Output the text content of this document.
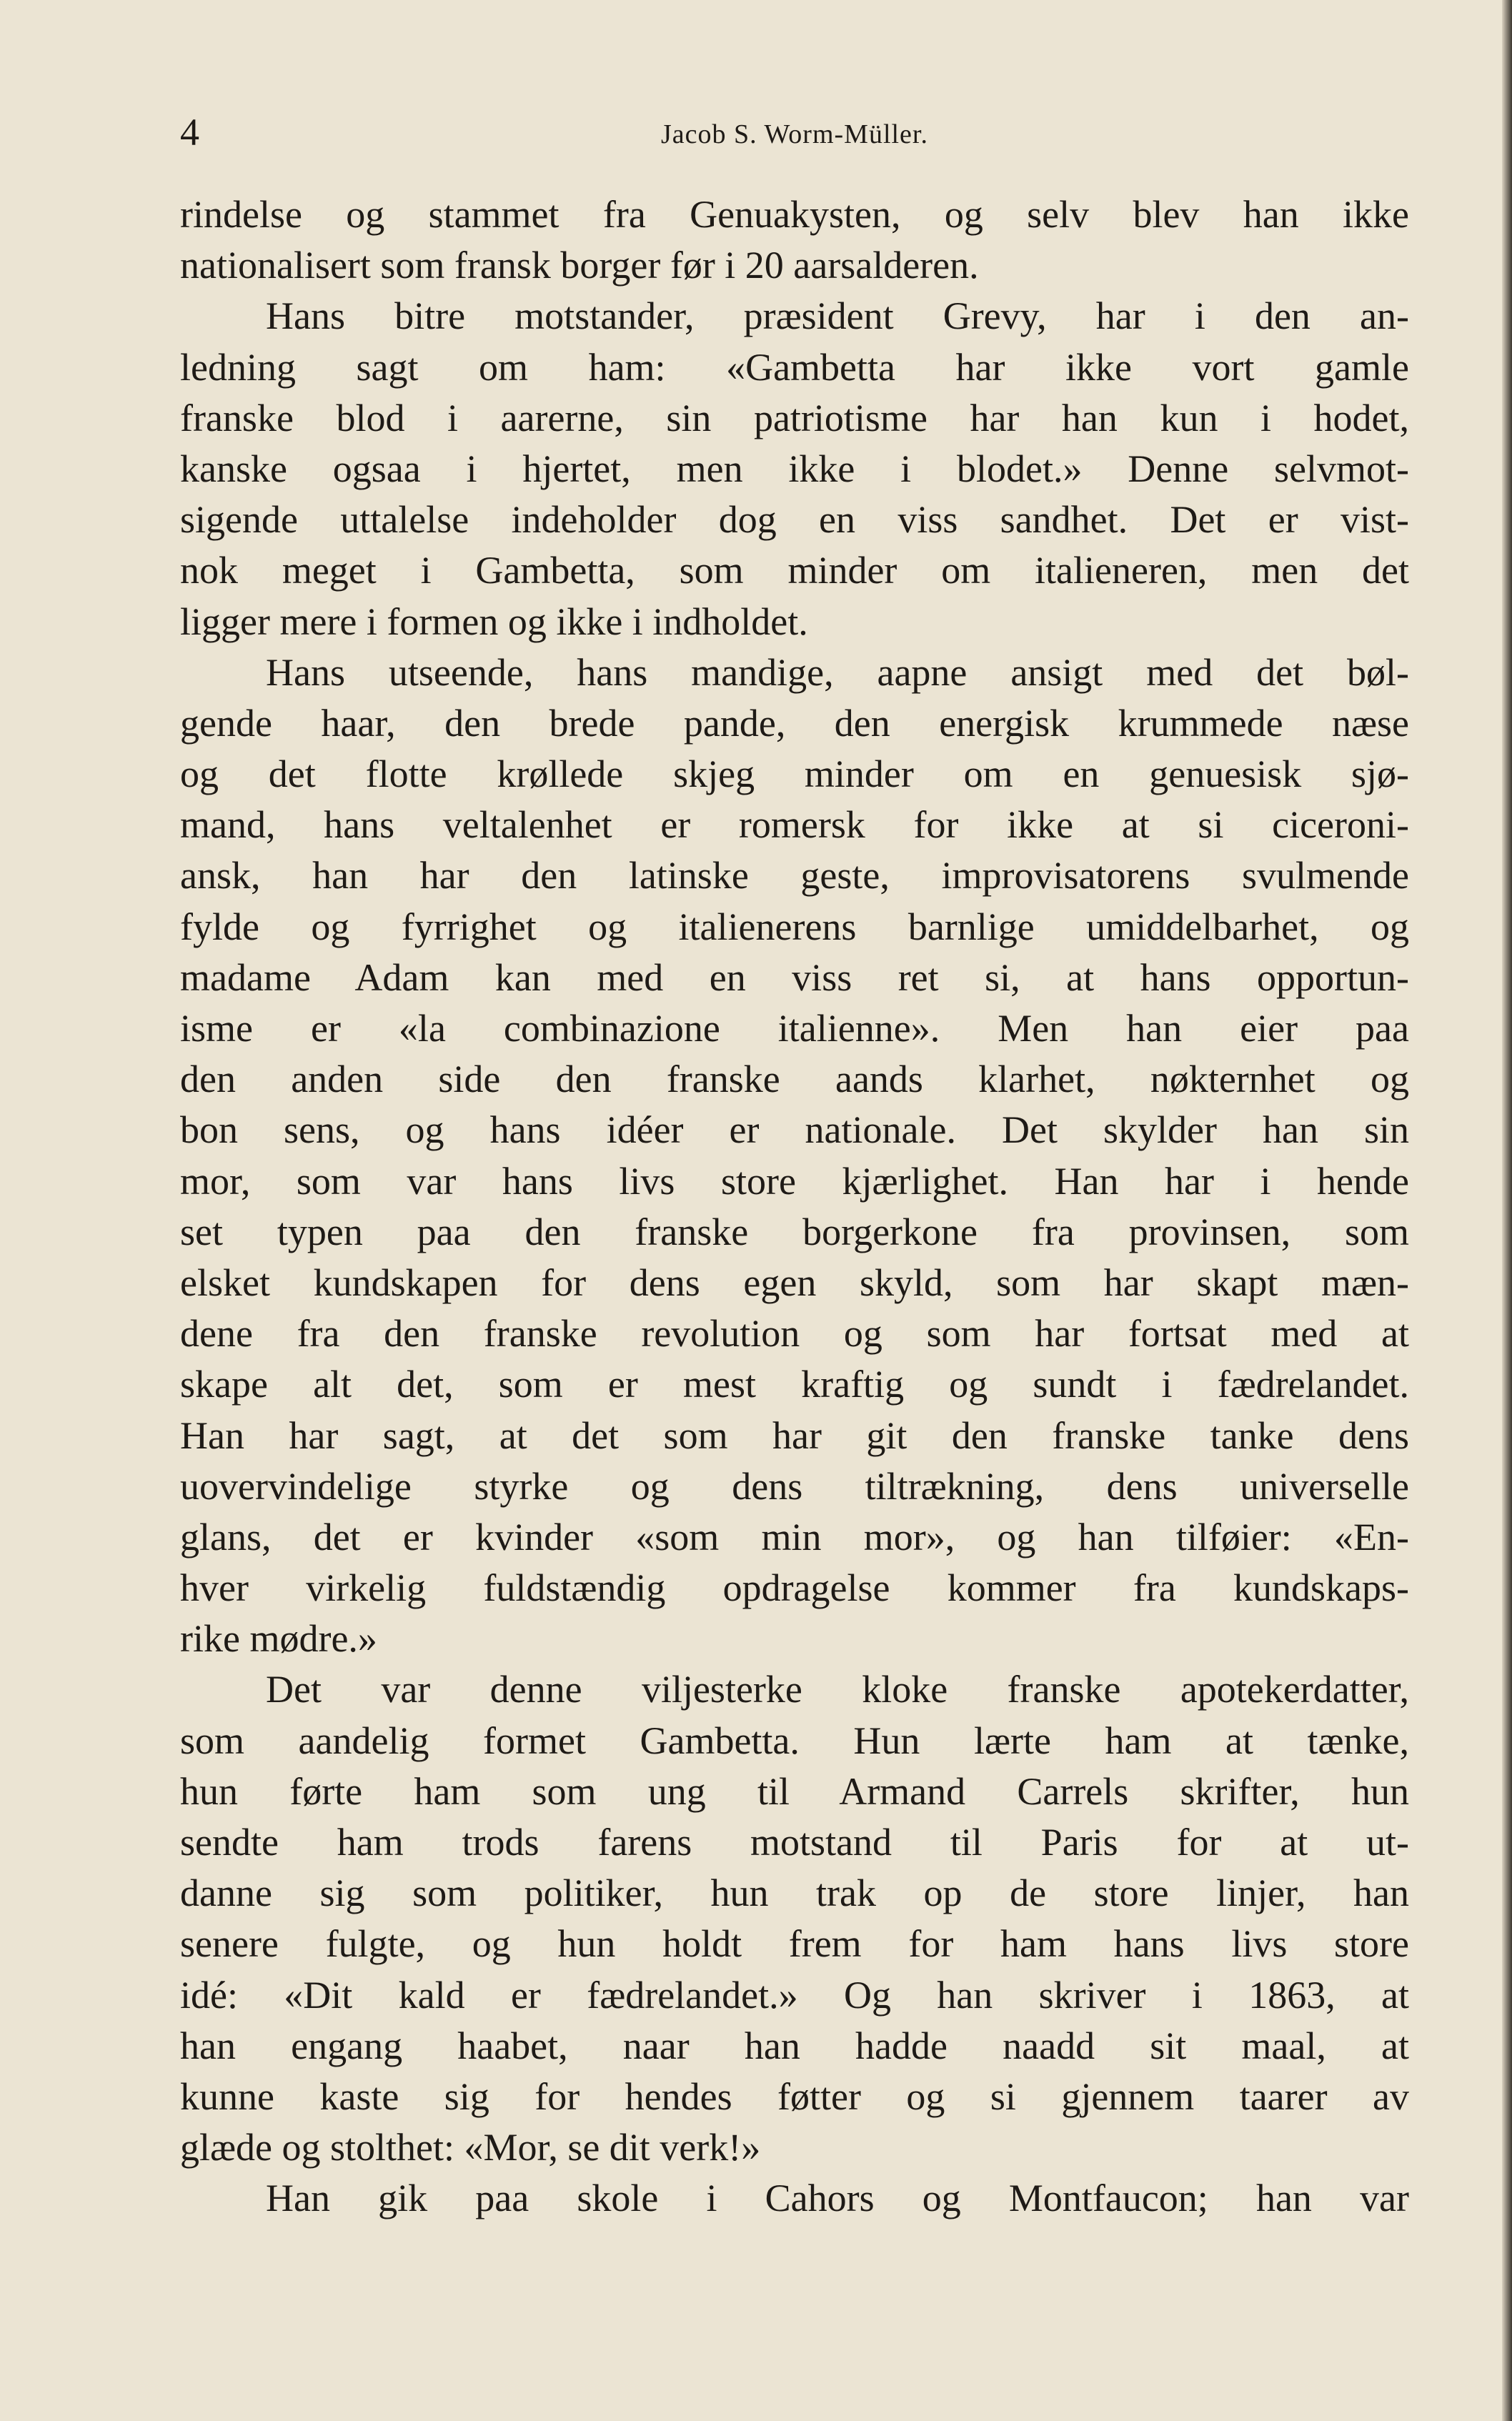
4	Jacob S. Worm-Müller.
rindelse og stammet fra Genuakysten, og selv blev han ikke
nationalisert som fransk borger før i 20 aarsalderen.
Hans bitre motstander, præsident Grevy, har i den an-
ledning sagt om ham: «Gambetta har ikke vort gamle
franske blod i aarerne, sin patriotisme har han kun i hodet,
kanske ogsaa i hjertet, men ikke i blodet.» Denne selvmot-
sigende uttalelse indeholder dog en viss sandhet. Det er vist-
nok meget i Gambetta, som minder om italieneren, men det
ligger mere i formen og ikke i indholdet.
Hans utseende, hans mandige, aapne ansigt med det bøl-
gende haar, den brede pande, den energisk krummede næse
og det flotte krøllede skjeg minder om en genuesisk sjø-
mand, hans veltalenhet er romersk for ikke at si ciceroni-
ansk, han har den latinske geste, improvisatorens svulmende
fylde og fyrrighet og italienerens barnlige umiddelbarhet, og
madame Adam kan med en viss ret si, at hans opportun-
isme er «la combinazione italienne». Men han eier paa
den anden side den franske aands klarhet, nøkternhet og
bon sens, og hans idéer er nationale. Det skylder han sin
mor, som var hans livs store kjærlighet. Han har i hende
set typen paa den franske borgerkone fra provinsen, som
elsket kundskapen for dens egen skyld, som har skapt mæn-
dene fra den franske revolution og som har fortsat med at
skape alt det, som er mest kraftig og sundt i fædrelandet.
Han har sagt, at det som har git den franske tanke dens
uovervindelige styrke og dens tiltrækning, dens universelle
glans, det er kvinder «som min mor», og han tilføier: «En-
hver virkelig fuldstændig opdragelse kommer fra kundskaps-
rike mødre.»
Det var denne viljesterke kloke franske apotekerdatter,
som aandelig formet Gambetta. Hun lærte ham at tænke,
hun førte ham som ung til Armand Carrels skrifter, hun
sendte ham trods farens motstand til Paris for at ut-
danne sig som politiker, hun trak op de store linjer, han
senere fulgte, og hun holdt frem for ham hans livs store
idé: «Dit kald er fædrelandet.» Og han skriver i 1863, at
han engang haabet, naar han hadde naadd sit maal, at
kunne kaste sig for hendes føtter og si gjennem taarer av
glæde og stolthet: «Mor, se dit verk!»
Han gik paa skole i Cahors og Montfaucon; han var
